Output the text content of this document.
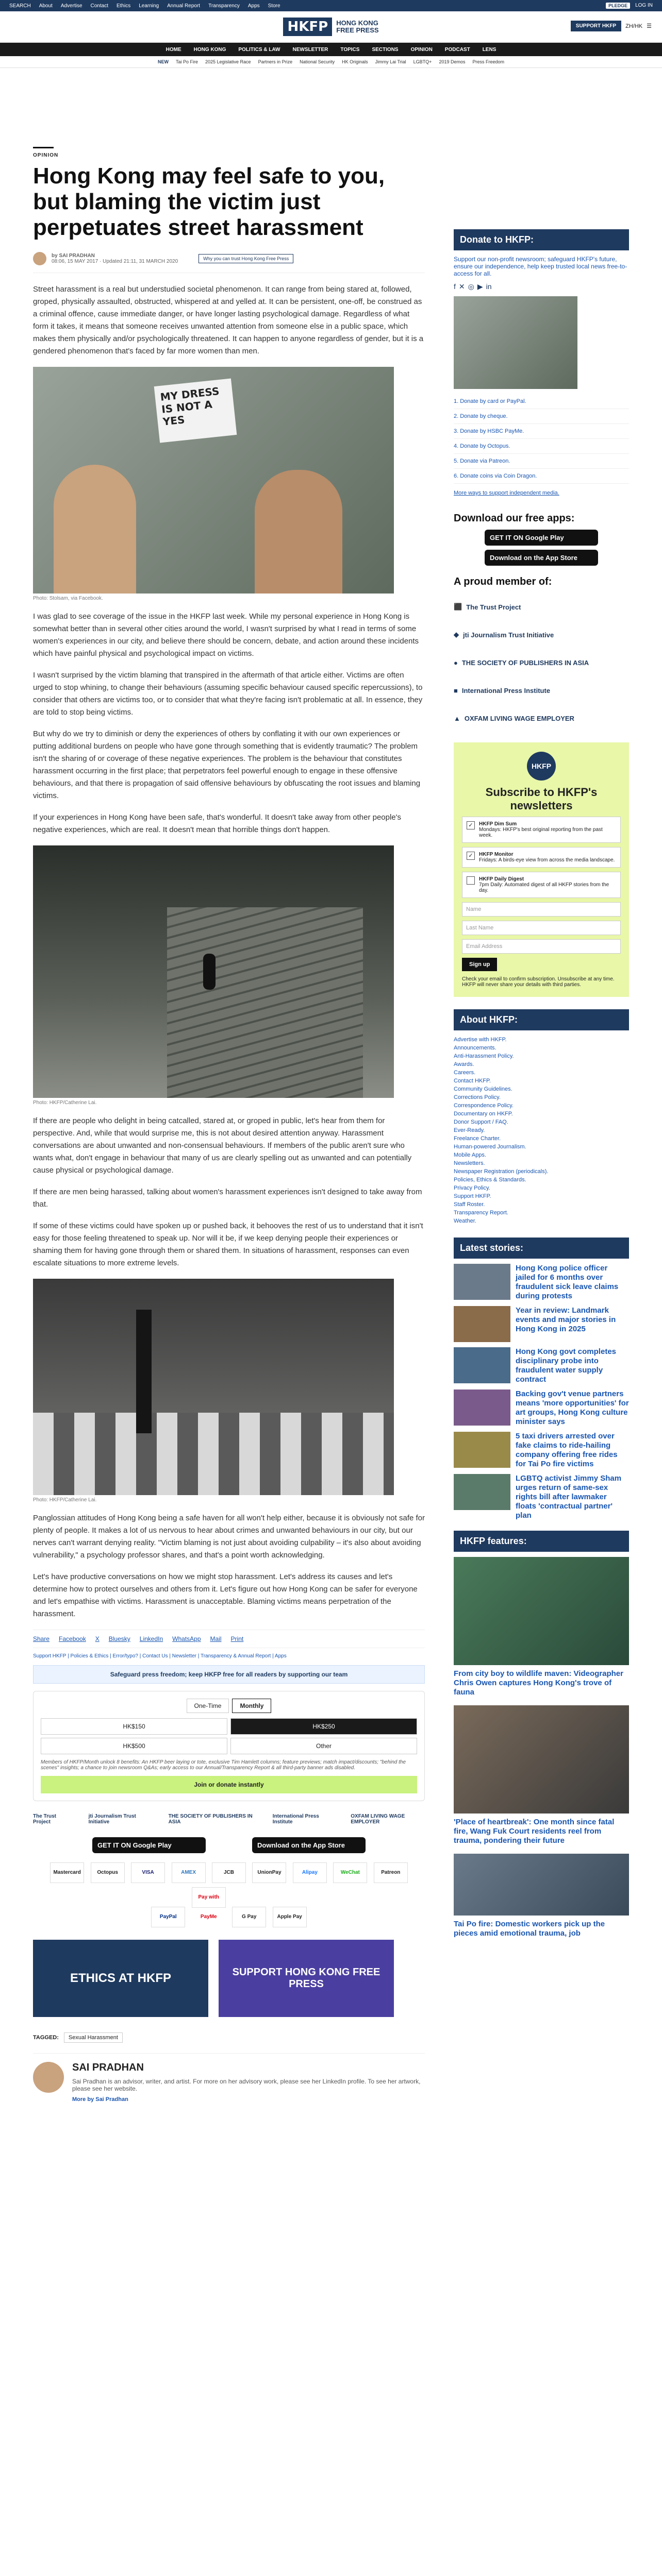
SEARCH About Advertise Contact Ethics Learning Annual Report Transparency Apps Store	PLEDGE	LOG IN
HKFP	HONG KONG
FREE PRESS
SUPPORT HKFP	ZH/HK ☰
HOME HONG KONG POLITICS & LAW NEWSLETTER TOPICS SECTIONS OPINION PODCAST LENS
NEW Tai Po Fire 2025 Legislative Race Partners in Prize National Security HK Originals Jimmy Lai Trial LGBTQ+ 2019 Demos Press Freedom
OPINION
Hong Kong may feel safe to you, but blaming the victim just perpetuates street harassment
by SAI PRADHAN
08:06, 15 MAY 2017 · Updated 21:11, 31 MARCH 2020	Why you can trust Hong Kong Free Press

Street harassment is a real but understudied societal phenomenon. It can range from being stared at, followed, groped, physically assaulted, obstructed, whispered at and yelled at. It can be persistent, one-off, be construed as a criminal offence, cause immediate danger, or have longer lasting psychological damage. Regardless of what form it takes, it means that someone receives unwanted attention from someone else in a public space, which makes them physically and/or psychologically threatened. It can happen to anyone regardless of gender, but it is a gendered phenomenon that's faced by far more women than men.

MY DRESS IS NOT A YES
Photo: Stolsam, via Facebook.

I was glad to see coverage of the issue in the HKFP last week. While my personal experience in Hong Kong is somewhat better than in several other cities around the world, I wasn't surprised by what I read in terms of some women's experiences in our city, and believe there should be concern, debate, and action around these incidents which have painful physical and psychological impact on victims.

I wasn't surprised by the victim blaming that transpired in the aftermath of that article either. Victims are often urged to stop whining, to change their behaviours (assuming specific behaviour caused specific repercussions), to consider that others are victims too, or to consider that what they're facing isn't problematic at all. In essence, they are told to stop being victims.

But why do we try to diminish or deny the experiences of others by conflating it with our own experiences or putting additional burdens on people who have gone through something that is evidently traumatic? The problem isn't the sharing of or coverage of these negative experiences. The problem is the behaviour that constitutes harassment occurring in the first place; that perpetrators feel powerful enough to engage in these offensive behaviours, and that there is propagation of said offensive behaviours by obfuscating the root issues and blaming victims.

If your experiences in Hong Kong have been safe, that's wonderful. It doesn't take away from other people's negative experiences, which are real. It doesn't mean that horrible things don't happen.

Photo: HKFP/Catherine Lai.

If there are people who delight in being catcalled, stared at, or groped in public, let's hear from them for perspective. And, while that would surprise me, this is not about desired attention anyway. Harassment conversations are about unwanted and non-consensual behaviours. If members of the public aren't sure who wants what, don't engage in behaviour that many of us are clearly spelling out as unwanted and can potentially cause physical or psychological damage.

If there are men being harassed, talking about women's harassment experiences isn't designed to take away from that.

If some of these victims could have spoken up or pushed back, it behooves the rest of us to understand that it isn't easy for those feeling threatened to speak up. Nor will it be, if we keep denying people their experiences or shaming them for having gone through them or shared them. In situations of harassment, responses can even escalate situations to more extreme levels.

Photo: HKFP/Catherine Lai.

Panglossian attitudes of Hong Kong being a safe haven for all won't help either, because it is obviously not safe for plenty of people. It makes a lot of us nervous to hear about crimes and unwanted behaviours in our city, but our nerves can't warrant denying reality. "Victim blaming is not just about avoiding culpability – it's also about avoiding vulnerability," a psychology professor shares, and that's a point worth acknowledging.

Let's have productive conversations on how we might stop harassment. Let's address its causes and let's determine how to protect ourselves and others from it. Let's figure out how Hong Kong can be safer for everyone and let's empathise with victims. Harassment is unacceptable. Blaming victims means perpetration of the harassment.

Share Facebook X Bluesky LinkedIn WhatsApp Mail Print
Support HKFP | Policies & Ethics | Error/typo? | Contact Us | Newsletter | Transparency & Annual Report | Apps
Safeguard press freedom; keep HKFP free for all readers by supporting our team
One-Time	Monthly
HK$150	HK$250
HK$500	Other
Members of HKFP/Month unlock 8 benefits: An HKFP beer laying or tote, exclusive Tim Hamlett columns; feature previews; match impact/discounts; "behind the scenes" insights; a chance to join newsroom Q&As; early access to our Annual/Transparency Report & all third-party banner ads disabled.
Join or donate instantly
The Trust Project
jti Journalism Trust Initiative
THE SOCIETY OF PUBLISHERS IN ASIA
International Press Institute
OXFAM LIVING WAGE EMPLOYER
GET IT ON Google Play	Download on the App Store
Mastercard	Octopus	VISA	AMEX	JCB	UnionPay	Alipay	WeChat	Patreon PayPal Pay with PayMe	G Pay	Apple Pay
ETHICS AT HKFP	SUPPORT HONG KONG FREE PRESS
TAGGED:	Sexual Harassment
SAI PRADHAN
Sai Pradhan is an advisor, writer, and artist. For more on her advisory work, please see her LinkedIn profile. To see her artwork, please see her website.
More by Sai Pradhan
Donate to HKFP:
Support our non-profit newsroom; safeguard HKFP's future, ensure our independence, help keep trusted local news free-to-access for all.
f ✕ ◎ ▶ in
1. Donate by card or PayPal.
2. Donate by cheque.
3. Donate by HSBC PayMe.
4. Donate by Octopus.
5. Donate via Patreon.
6. Donate coins via Coin Dragon.
More ways to support independent media.
Download our free apps:
GET IT ON Google Play
Download on the App Store
A proud member of:
⬛ The Trust Project
◆ jti Journalism Trust Initiative
● THE SOCIETY OF PUBLISHERS IN ASIA
■ International Press Institute
▲ OXFAM LIVING WAGE EMPLOYER
HKFP
Subscribe to HKFP's newsletters
✓	HKFP Dim Sum
Mondays: HKFP's best original reporting from the past week.
✓	HKFP Monitor
Fridays: A birds-eye view from across the media landscape.
HKFP Daily Digest
7pm Daily: Automated digest of all HKFP stories from the day.
Name
Last Name
Email Address
Sign up
Check your email to confirm subscription. Unsubscribe at any time. HKFP will never share your details with third parties.
About HKFP:
Advertise with HKFP.
Announcements.
Anti-Harassment Policy.
Awards.
Careers.
Contact HKFP.
Community Guidelines.
Corrections Policy.
Correspondence Policy.
Documentary on HKFP.
Donor Support / FAQ.
Ever-Ready.
Freelance Charter.
Human-powered Journalism.
Mobile Apps.
Newsletters.
Newspaper Registration (periodicals).
Policies, Ethics & Standards.
Privacy Policy.
Support HKFP.
Staff Roster.
Transparency Report.
Weather.
Latest stories:
Hong Kong police officer jailed for 6 months over fraudulent sick leave claims during protests
Year in review: Landmark events and major stories in Hong Kong in 2025
Hong Kong govt completes disciplinary probe into fraudulent water supply contract
Backing gov't venue partners means 'more opportunities' for art groups, Hong Kong culture minister says
5 taxi drivers arrested over fake claims to ride-hailing company offering free rides for Tai Po fire victims
LGBTQ activist Jimmy Sham urges return of same-sex rights bill after lawmaker floats 'contractual partner' plan
HKFP features:
From city boy to wildlife maven: Videographer Chris Owen captures Hong Kong's trove of fauna
'Place of heartbreak': One month since fatal fire, Wang Fuk Court residents reel from trauma, pondering their future
Tai Po fire: Domestic workers pick up the pieces amid emotional trauma, job
